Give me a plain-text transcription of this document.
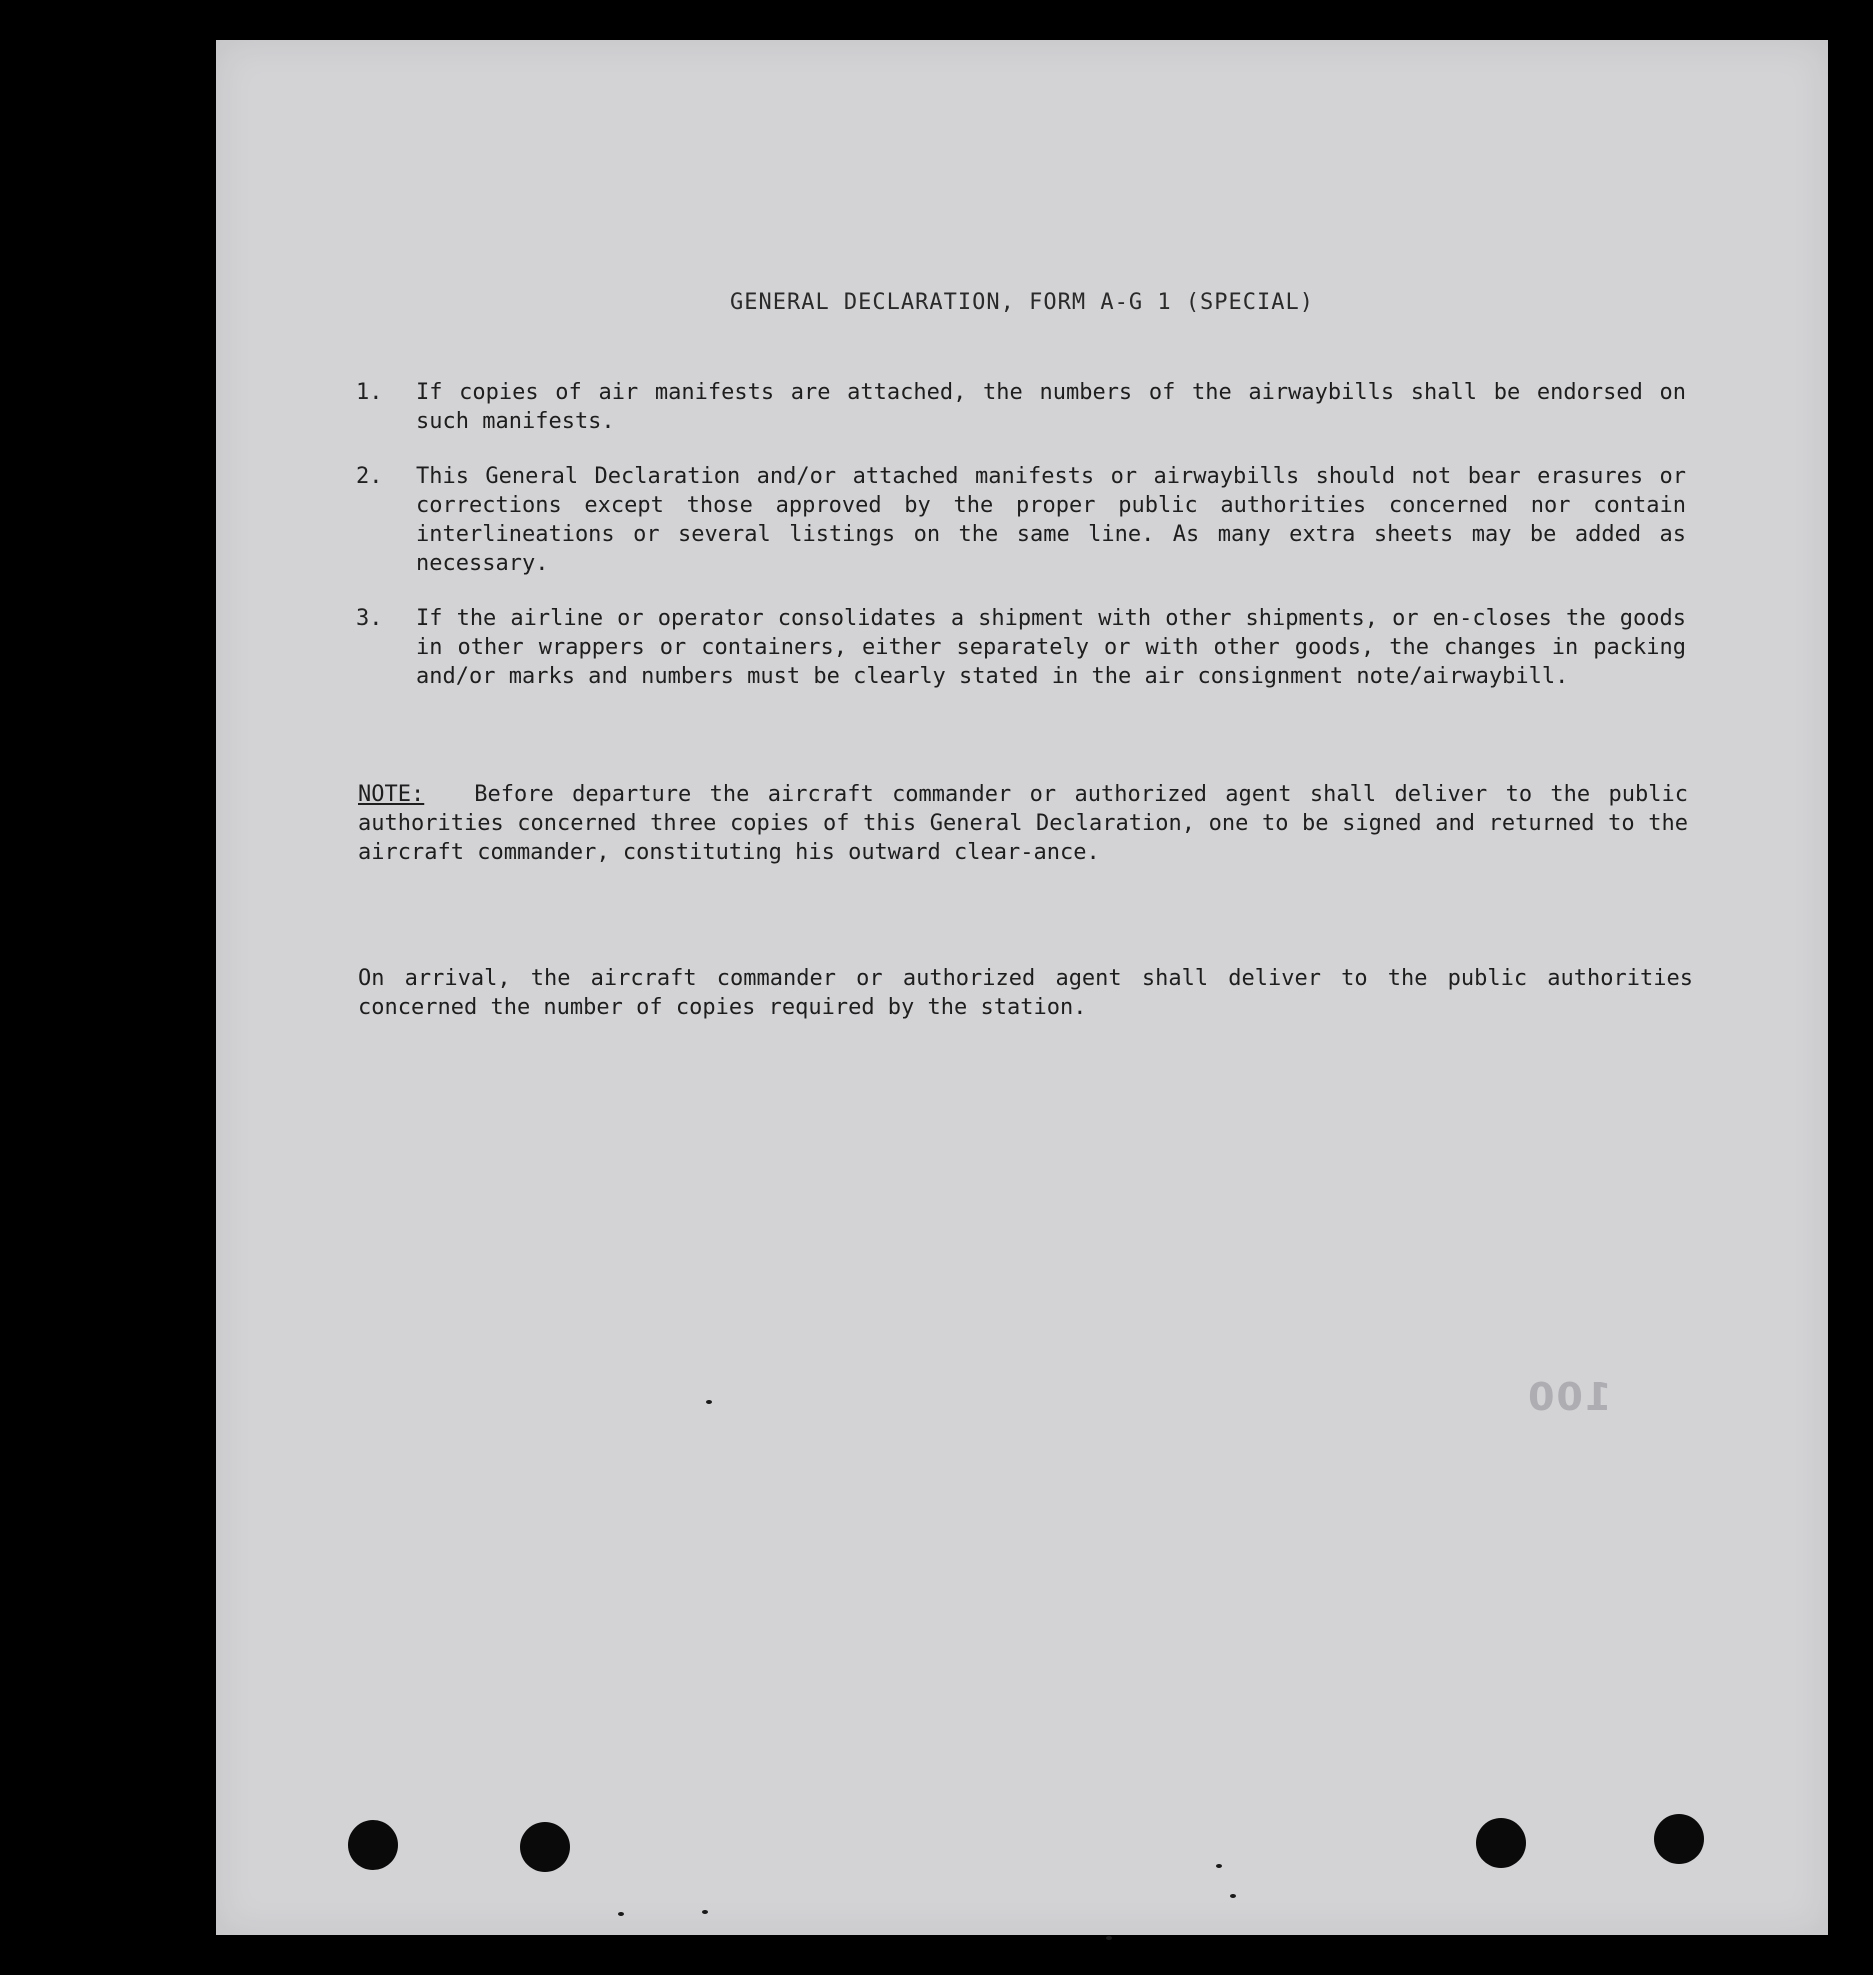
GENERAL DECLARATION, FORM A-G 1 (SPECIAL)
1.	If copies of air manifests are attached, the numbers of the airwaybills shall be endorsed on such manifests.
2.	This General Declaration and/or attached manifests or airwaybills should not bear erasures or corrections except those approved by the proper public authorities concerned nor contain interlineations or several listings on the same line. As many extra sheets may be added as necessary.
3.	If the airline or operator consolidates a shipment with other shipments, or en-closes the goods in other wrappers or containers, either separately or with other goods, the changes in packing and/or marks and numbers must be clearly stated in the air consignment note/airwaybill.
NOTE: Before departure the aircraft commander or authorized agent shall deliver to the public authorities concerned three copies of this General Declaration, one to be signed and returned to the aircraft commander, constituting his outward clear-ance.
On arrival, the aircraft commander or authorized agent shall deliver to the public authorities concerned the number of copies required by the station.
100
